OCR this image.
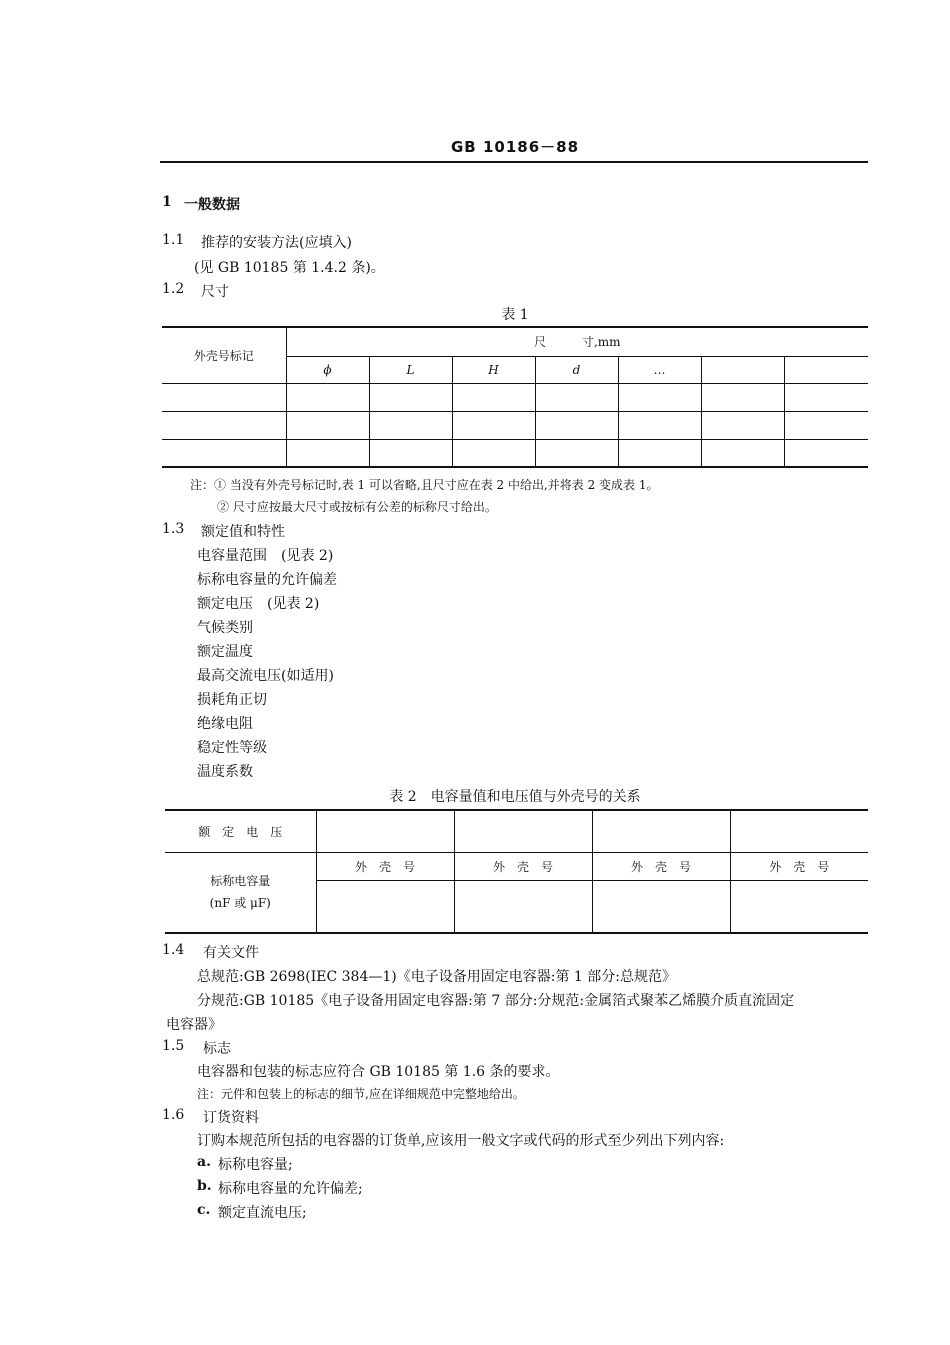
GB 10186－88
1 一般数据
1.1 推荐的安装方法(应填入)
(见 GB 10185 第 1.4.2 条)。
1.2 尺寸
表 1
外壳号标记	尺　　　寸,mm						
	ϕ	L	H	d	…		

注：① 当没有外壳号标记时,表 1 可以省略,且尺寸应在表 2 中给出,并将表 2 变成表 1。
② 尺寸应按最大尺寸或按标有公差的标称尺寸给出。
1.3 额定值和特性
电容量范围　(见表 2)
标称电容量的允许偏差
额定电压　(见表 2)
气候类别
额定温度
最高交流电压(如适用)
损耗角正切
绝缘电阻
稳定性等级
温度系数
表 2　电容量值和电压值与外壳号的关系
额　定　电　压				

标称电容量
(nF 或 μF)	外　壳　号	外　壳　号	外　壳　号	外　壳　号

1.4 有关文件
总规范:GB 2698(IEC 384—1)《电子设备用固定电容器:第 1 部分:总规范》
分规范:GB 10185《电子设备用固定电容器:第 7 部分:分规范:金属箔式聚苯乙烯膜介质直流固定
电容器》
1.5 标志
电容器和包装的标志应符合 GB 10185 第 1.6 条的要求。
注：元件和包装上的标志的细节,应在详细规范中完整地给出。
1.6 订货资料
订购本规范所包括的电容器的订货单,应该用一般文字或代码的形式至少列出下列内容:
a. 标称电容量;
b. 标称电容量的允许偏差;
c. 额定直流电压;
